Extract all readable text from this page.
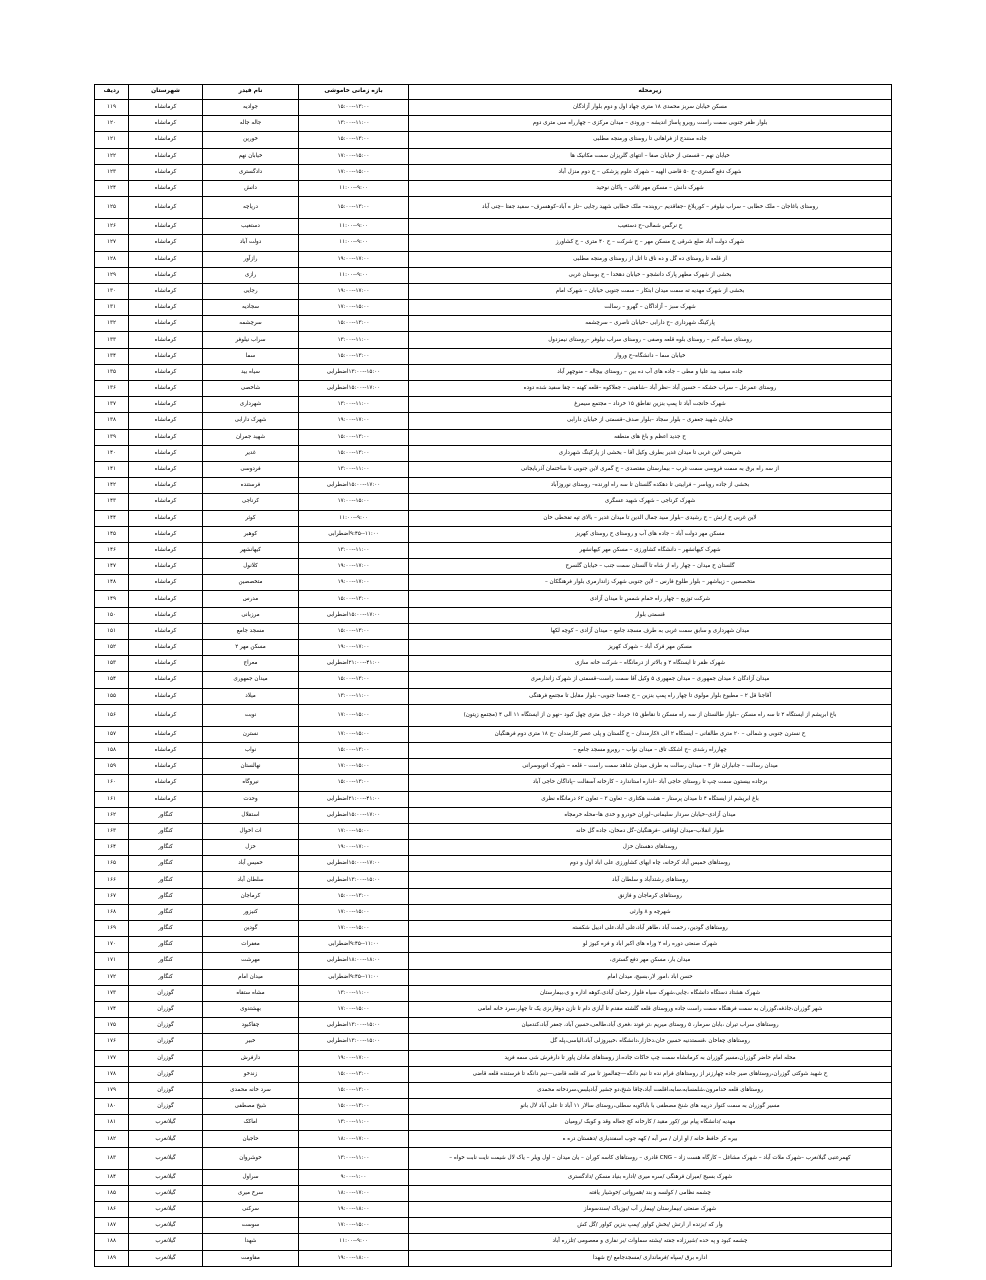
زیرمحله	بازه زمانی خاموشی	نام فیدر	شهرستان	ردیف
مسکن خیابان سربز محمدی ۱۸ متری جهاد اول و دوم بلوار آزادگان	۱۳:۰۰--۱۵:۰۰	جوادیه	کرمانشاه	۱۱۹
بلوار ظفر جنوبی سمت راست روبرو پاساژ اندیشه – ورودی – میدان مرکزی – چهارراه سی متری دوم	۱۱:۰۰--۱۳:۰۰	جاله جاله	کرمانشاه	۱۲۰
جاده سنندج از فراهانی تا روستای ورمنجه مطلبی	۱۳:۰۰--۱۵:۰۰	خورین	کرمانشاه	۱۲۱
خیابان نهم – قسمتی از خیابان صفا – انتهای گلریزان سمت مکانیک ها	۱۵:۰۰--۱۷:۰۰	خیابان نهم	کرمانشاه	۱۲۲
شهرک دفع گستری–ح ۵۰ قاضی الهیه – شهرک علوم پزشکی – ح دوم منزل آباد	۱۵:۰۰--۱۷:۰۰	دادگستری	کرمانشاه	۱۲۳
شهرک دانش – مسکن مهر ثلاثی – پاکان نوحید	۹:۰۰--۱۱:۰۰	دانش	کرمانشاه	۱۲۴
روستای باغاجان – ملک خطابی – سراب نیلوفر – کوریلاغ –جفاقدیم –روبنده– ملک خطابی شهید رجایی –تلز ه آباد–کوهسرف– سفید جفتا –چنی آباد	۱۳:۰۰--۱۵:۰۰	دریاچه	کرمانشاه	۱۲۵
ح نرگس شمالی–ح دستغیب	۹:۰۰--۱۱:۰۰	دستغیب	کرمانشاه	۱۲۶
شهرک دولت آباد ضلع شرقی ح مسکن مهر – ح شرکت – ح ۴۰ متری – ح کشاورز	۹:۰۰--۱۱:۰۰	دولت آباد	کرمانشاه	۱۲۷
از قلعه تا روستای ده گل و ده ناق تا اتل از روستای ورمنجه مطلبی	۱۷:۰۰--۱۹:۰۰	رازآور	کرمانشاه	۱۲۸
بخشی از شهرک مطهر پارک دانشجو – خیابان دهخدا – ح بوستان غربی	۹:۰۰--۱۱:۰۰	رازی	کرمانشاه	۱۲۹
بخشی از شهرک مهدیه ته سمت میدان ابتکار – سمت جنوبی خیابان – شهرک امام	۱۷:۰۰--۱۹:۰۰	رجایی	کرمانشاه	۱۳۰
شهرک سبز – آزاداگان – گهرو – رسالت	۱۵:۰۰--۱۷:۰۰	سجادیه	کرمانشاه	۱۳۱
پارکینگ شهرداری –ح دارابی –خیابان ناصری – سرچشمه	۱۳:۰۰--۱۵:۰۰	سرچشمه	کرمانشاه	۱۳۲
روستای سیاه گنم – روستای بلوه قلعه وصفی – روستای سراب نیلوفر –روستای نیمزدول	۱۱:۰۰--۱۳:۰۰	سراب نیلوفر	کرمانشاه	۱۳۳
خیابان سما – دانشگاه–ح وروار	۱۳:۰۰--۱۵:۰۰	سما	کرمانشاه	۱۳۴
جاده سفید بید علیا و مطی – جاده های آب ده بین – روستای بیچاله – منوچهر آباد	۱۵:۰۰--۱۳:۰۰اضطرابی	سیاه بید	کرمانشاه	۱۳۵
روستای عمرعل – سراب خشکه – حسین آباد –نظر آباد –شاهینی – جعلاکوه –قلعه کهنه – چقا سفید شده دوده	۱۷:۰۰--۱۵:۰۰اضطرابی	شاخصی	کرمانشاه	۱۳۶
شهرک خانجت آباد تا پمپ بنزین نقاطق ۱۵ خرداد – مجتمع سیمرغ	۱۱:۰۰--۱۳:۰۰	شهرداری	کرمانشاه	۱۳۷
خیابان شهید جعفری – بلوار سجاد –بلوار صدف–قسمتی از خیابان دارابی	۱۷:۰۰--۱۹:۰۰	شهرک دارابی	کرمانشاه	۱۳۸
ح جدید اعظم و باغ های منطقه	۱۳:۰۰--۱۵:۰۰	شهید جمران	کرمانشاه	۱۳۹
شریعتی لاین غربی تا میدان غدیر بطرف وکیل آقا – بخشی از پارکینگ شهرداری	۱۳:۰۰--۱۵:۰۰	غدیر	کرمانشاه	۱۴۰
از سه راه برق به سمت فروسی سمت غرب – بیمارستان مقتصدی – ح گمری لاین جنوبی تا ساختمان آذربایجانی	۱۱:۰۰--۱۳:۰۰	فردوسی	کرمانشاه	۱۴۱
بخشی از جاده رویاسر – فرابیتی تا دهکده گلستان تا سه راه اورنده– روستای نوروزآباد	۱۷:۰۰--۱۵:۰۰اضطرابی	فرستنده	کرمانشاه	۱۴۲
شهرک کرناجی – شهرک شهید عسگری	۱۵:۰۰--۱۷:۰۰	کرناجی	کرمانشاه	۱۴۳
لاین غربی ح ارتش – ح رشیدی –بلوار سید جمال الدین تا میدان غدیر – بالای تپه تفحطی خان	۹:۰۰--۱۱:۰۰	کوثر	کرمانشاه	۱۴۴
مسکن مهر دولت آباد – جاده های آب و روستای ح روستای کهریز	۱۱:۰۰--۹:۴۵اضطرابی	کوهبر	کرمانشاه	۱۴۵
شهرک کیهانشهر – دانشگاه کشاورزی – مسکن مهر کیهانشهر	۱۱:۰۰--۱۳:۰۰	کیهانشهر	کرمانشاه	۱۴۶
گلستان ح میدان – چهار راه از شاه تا آلستان سمت جنب – خیابان گلسرح	۱۷:۰۰--۱۹:۰۰	کلانول	کرمانشاه	۱۴۷
متخصصین – زیباشهر – بلوار طلوع فارس – لاین جنوبی شهرک زاندارمری بلوار فرهنگکان –	۱۷:۰۰--۱۹:۰۰	متخصصین	کرمانشاه	۱۴۸
شرکت توزیع – چهار راه حمام شمس تا میدان آزادی	۱۳:۰۰--۱۵:۰۰	مدرس	کرمانشاه	۱۴۹
قسمتی بلوار	۱۷:۰۰--۱۵:۰۰اضطرابی	مرزبانی	کرمانشاه	۱۵۰
میدان شهرداری و سابق سمت غربی به طرف مسجد جامع – میدان آزادی – کوچه لکها	۱۳:۰۰--۱۵:۰۰	مسجد جامع	کرمانشاه	۱۵۱
مسکن مهر فرک آباد – شهرک کهریز	۱۷:۰۰--۱۹:۰۰	مسکن مهر ۲	کرمانشاه	۱۵۲
شهرک ظفر تا ایستگاه ۲ و بالاتر از درمانگاه – شرکت خانه سازی	۴۱:۰۰--۲۱:۰۰اضطرابی	معراج	کرمانشاه	۱۵۳
میدان آزادگان ۶ میدان جمهوری – میدان جمهوری ۵ وکیل آقا سمت راست–قسمتی از شهرک زاندارمری	۱۳:۰۰--۱۵:۰۰	میدان جمهوری	کرمانشاه	۱۵۴
آقاجنا قل ۲ – مطبوع بلوار مولوی تا چهار راه پمپ بنزین – ح جفعدا جنوبی– بلوار مقابل تا مجتمع فرهنگی	۱۱:۰۰--۱۳:۰۰	میلاد	کرمانشاه	۱۵۵
باغ ابریشم از ایستگاه ۲ تا سه راه مسکن –بلوار طالستان از سه راه مسکن تا نقاطق ۱۵ خرداد – جیل متری چهل کبود –نهو ن از ایستگاه ۱۱ الی ۴ (مجتمع زیتون)	۱۵:۰۰--۱۷:۰۰	نوبت	کرمانشاه	۱۵۶
ح نسترن جنوبی و شمالی – ۲۰ متری طالقانی – ایستگاه ۲ الی ۸کارمندان – ح گلستان و پلی عصر کارمندان –ح ۱۸ متری دوم فرهنگیان	۱۵:۰۰--۱۷:۰۰	نسترن	کرمانشاه	۱۵۷
چهارراه رشدی –ح اشکک تاق – میدان نواب – روبرو مسجد جامع –	۱۳:۰۰--۱۵:۰۰	نواب	کرمانشاه	۱۵۸
میدان رسالت – جانباران فاز ۴ – میدان رسالت به طرف میدان شاهد سمت راست – قلعه – شهرک اتوبوسرانی	۱۵:۰۰--۱۷:۰۰	نهالستان	کرمانشاه	۱۵۹
برجاده بیستون سمت چپ تا روستای حاجی آباد –اداره استاندارد – کارخانه آسفالت –پاداگان حاجی آباد	۱۳:۰۰--۱۵:۰۰	نیروگاه	کرمانشاه	۱۶۰
باغ ابریشم از ایستگاه ۴ تا میدان پرستار – هشت هکتاری – تعاون ۳ – تعاون ۶۲ درمانگاه نظری	۴۱:۰۰--۲۱:۰۰اضطرابی	وحدت	کرمانشاه	۱۶۱
میدان آزادی–خیابان سردار سلیمانی–لوران خودرو و خدی ها–محله خرمجاه	۱۷:۰۰--۱۵:۰۰اضطرابی	استقلال	کنگاور	۱۶۲
طوار انقلاب–میدان اوقافی –فرهنگیان–گل دمخان، جاده گل خانه	۱۵:۰۰--۱۷:۰۰	ات اخوال	کنگاور	۱۶۳
روستاهای دهستان خزل	۱۷:۰۰--۱۹:۰۰	خزل	کنگاور	۱۶۴
روستاهای خمیس آباد کرخانه، چاه ایهای کشاورزی علی اباد اول و دوم	۱۷:۰۰--۱۵:۰۰اضطرابی	خمیس آباد	کنگاور	۱۶۵
روستاهای رشتدآباد و سلطان آباد	۱۵:۰۰--۱۳:۰۰اضطرابی	سلطان آباد	کنگاور	۱۶۶
روستاهای کرماجان و فازنق	۱۳:۰۰--۱۵:۰۰	کرماجان	کنگاور	۱۶۷
شهرچه و ۸ وارثی	۱۵:۰۰--۱۷:۰۰	کنیزور	کنگاور	۱۶۸
روستاهای گودین، رحمت آباد ،طاهر آباد،علی آباد،علی ادیبل شکسته	۱۵:۰۰--۱۷:۰۰	گودین	کنگاور	۱۶۹
شهرک صنعتی دوره راه ۲ وراه های اکبر اباد و فره کیوز لو	۱۱:۰۰--۹:۴۵اضطرابی	مغفرات	کنگاور	۱۷۰
میدان بار، مسکن مهر دفع گستری،	۱۸:۰۰--۱۸:۰۰اضطرابی	مهرشت	کنگاور	۱۷۱
حسن اباد ،امور لار،بسیج، میدان امام	۱۱:۰۰--۹:۴۵اضطرابی	میدان امام	کنگاور	۱۷۲
شهرک هشتاد دستگاه دانشگاه ،چابی،شهرک سیاه فلوار رحمان آبادی،کوهه اداره و ی،بیمارستان	۱۱:۰۰--۱۳:۰۰	مشاه ستقاه	گوزران	۱۷۳
شهر گوزران،جاذفه،گوزران به سمت فرهنگاه سمت راست جاده وروستای قلعه گلشته مقدم تا آبازی دام تا نازن دوقارنزی یک تا چهار،سرد خانه امامی	۱۵:۰۰--۱۷:۰۰	بهشتدوی	گوزران	۱۷۴
روستاهای سراب تیران ،بابان سرمار، ۵ روستای میریم ،تر فوند ،فغری آباد،طالعی،حسین آباد، جعفر آباد،کندمیان	۱۵:۰۰--۱۳:۰۰اضطرابی	چقاکبود	گوزران	۱۷۵
روستاهای چغاخان ،قسمتدنیه حسین خان،دخازار،دانشگاه ،خبیروزلی آباد،الیاسی،پله گل	۱۵:۰۰--۱۳:۰۰اضطرابی	خبیر	گوزران	۱۷۶
محله امام حاضر گوزران،مسیر گوزران به کرمانشاه سمت چپ حاکات جاده،از روستاهای مادان پاور تا دارفرش شی سمه فرید	۱۷:۰۰--۱۹:۰۰	دارفرش	گوزران	۱۷۷
ح شهید شوکتی گوزران،روستاهای صیر جاده چهارزنر از روستاهای فرام نده تا نیم دانگه—چقالموز تا میر که قلعه قاضی—نیم دانگه تا فرستنده قلعه قاضی	۱۳:۰۰--۱۵:۰۰	زندخو	گوزران	۱۷۸
روستاهای قلعه خدامرون،شلمسابه،سابه،اقلمت آباد،چاقا شنخ،دو جشیر آبادیلبس،سردخانه محمدی	۱۳:۰۰--۱۵:۰۰	سرد خانه محمدی	گوزران	۱۷۹
مسیر گوزران به سمت کنوار دریبه های شنخ مصطفی با باباکوبه سطلی،روستای سالار ۱۱ آباد تا علی آباد لال بانو	۱۳:۰۰--۱۵:۰۰	شیخ مصطفی	گوزران	۱۸۰
مهدیه /دانشگاه پیام نور /کور مقید / کارخانه کج جعاله وقد و کوبک /رومیان	۱۱:۰۰--۱۳:۰۰	اماکک	گیلانغرب	۱۸۱
بیره کر حافظ خانه / او اران / سر آبه / کهه جوب اسفندیاری /دهستان دره ه	۱۷:۰۰--۱۸:۰۰	حاجیان	گیلانغرب	۱۸۲
کهمرعنبی گیلانغرب –شهرک ملات آباد – شهرک مشاغل – کارگاه هست زاد – CNG قادری – روستاهای کاسه کوران – یان میدان – اول ویلر – یاک لال شیمت نایت نابت خواه –	۱۱:۰۰--۱۳:۰۰	خوشروان	گیلانغرب	۱۸۳
شهرک بسیج /میران فرهنگی /سره میری /اداره بنیاد مسکن /دادگستری	۱:۰۰--۹:۰۰	سراول	گیلانغرب	۱۸۴
چشمه نظامی / کولسه و بند /همرواتی /خوشیار یافته	۱۷:۰۰--۱۸:۰۰	سرخ میری	گیلانغرب	۱۸۵
شهرک صنعتی /بیمارستان /پیمازر آب /بوزباک /سندسوماز	۱۸:۰۰--۱۹:۰۰	سرکنی	گیلانغرب	۱۸۶
وار که /بزنده ار ارتش /بخش کواور /پمپ بنزین کواور /گل کش	۱۵:۰۰--۱۷:۰۰	سوست	گیلانغرب	۱۸۷
چشمه کبود و په حده /شیرزاده جفته /یشته سماوات /بر نفاری و معصومی /تلزره آباد	۹:۰۰--۱۱:۰۰	شهدا	گیلانغرب	۱۸۸
اداره برق /سپاه /فرمانداری /مسجدجامع /ح شهدا	۱۸:۰۰--۱۹:۰۰	مقاومت	گیلانغرب	۱۸۹
